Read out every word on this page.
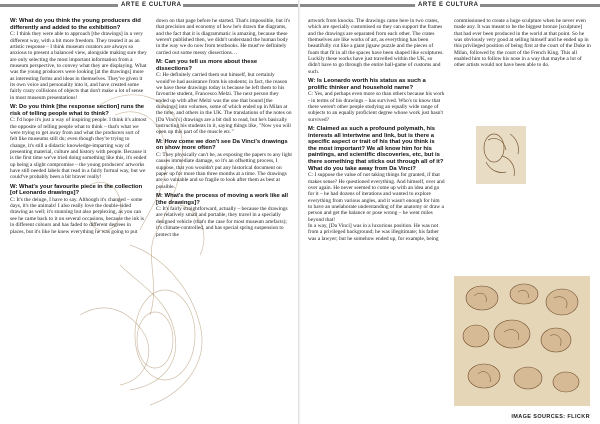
ARTE E CULTURA
W: What do you think the young producers did differently and added to the exhibition?

C: I think they were able to approach [the drawings] in a very different way, with a bit more freedom. They treated it as an artistic response – I think museum curators are always so anxious to present a balanced view, alongside making sure they are only selecting the most important information from a museum perspective, to convey what they are displaying. What was the young producers were looking [at the drawings] more as interesting forms and ideas in themselves. They've given it its own voice and personality into it, and have created some fairly crazy collisions of objects that don't make a lot of sense in most museum presentations!

W: Do you think [the response section] runs the risk of telling people what to think?

C: I'd hope it's just a way of inspiring people. I think it's almost the opposite of telling people what to think – that's what we were trying to get away from and what the producers sort of felt like museums still do; even though they're trying to change, it's still a didactic knowledge-imparting way of presenting material, culture and history with people. Because it is the first time we've tried doing something like this, it's ended up being a slight compromise – the young producers' artworks have still needed labels that read in a fairly formal way, but we could've probably been a bit braver really!

W: What's your favourite piece in the collection [of Leonardo drawings]?

C: It's the deluge, I have to say. Although it's changed – some days, it's the animals! I also really love the double-sided drawing as well; it's stunning but also perplexing, as you can see he came back to it on several occasions, because the ink is in different colours and has faded to different degrees in places, but it's like he knew everything he was going to put

down on that page before he started. That's impossible, but it's that precision and economy of how he's drawn the diagrams, and the fact that it is diagrammatic is amazing, because these weren't published then, we didn't understand the human body in the way we do now from textbooks. He must've definitely carried out some messy dissections…

M: Can you tell us more about these dissections?

C: He definitely carried them out himself, but certainly would've had assistance from his students; in fact, the reason we have these drawings today is because he left them to his favourite student, Francesco Melzi. The next person they ended up with after Melzi was the one that bound [the drawings] into volumes, some of which ended up in Milan at the time, and others in the UK. The translations of the notes on [Da Vinci's] drawings are a bit dull to read, but he's basically instructing his students in it, saying things like, "Now you will open up this part of the muscle etc."

M: How come we don't see Da Vinci's drawings on show more often?

C: They physically can't be, as exposing the papers to any light causes immediate damage, so it's an offsetting process, I suppose, that you wouldn't put any historical document on paper up for more than three months at a time. The drawings are so valuable and so fragile to look after them as best at possible.

M: What's the process of moving a work like all [the drawings]?

C: It's fairly straightforward, actually – because the drawings are relatively small and portable, they travel in a specially designed vehicle (that's the case for most museum artefacts); it's climate-controlled, and has special spring suspension to protect the

ARTE E CULTURA

artwork from knocks. The drawings came here in two crates, which are specially customised so they can support the frames and the drawings are separated from each other. The crates themselves are like works of art, as everything has been beautifully cut like a giant jigsaw puzzle and the pieces of foam that fit in all the spaces have been shaped like sculptures. Luckily these works have just travelled within the UK, so didn't have to go through the entire ball-game of customs and such.

W: Is Leonardo worth his status as such a prolific thinker and household name?

C: Yes, and perhaps even more so than others because his work - in terms of his drawings – has survived. Who's to know that there weren't other people studying an equally wide range of subjects to an equally proficient degree whose work just hasn't survived?

M: Claimed as such a profound polymath, his interests all intertwine and link, but is there a specific aspect or trait of his that you think is the most important? We all know him for his paintings, and scientific discoveries, etc, but is there something that sticks out through all of it? What do you take away from Da Vinci?

C: I suppose the value of not taking things for granted, if that makes sense? He questioned everything. And himself, over and over again. He never seemed to come up with an idea and go for it – he had dozens of iterations and wanted to explore everything from various angles, and it wasn't enough for him to have an unelaborate understanding of the anatomy or draw a person and get the balance or pose wrong – he went miles beyond that!

In a way, [Da Vinci] was in a luxurious position. He was not from a privileged background; he was illegitimate; his father was a lawyer; but he somehow ended up, for example, being

commissioned to create a huge sculpture when he never even made any. It was meant to be the biggest bronze [sculpture] that had ever been produced in the world at that point. So he was obviously very good at selling himself and he ended up in this privileged position of being first at the court of the Duke in Milan, followed by the court of the French King. This all enabled him to follow his nose in a way that maybe a lot of other artists would not have been able to do.

IMAGE SOURCES: FLICKR
